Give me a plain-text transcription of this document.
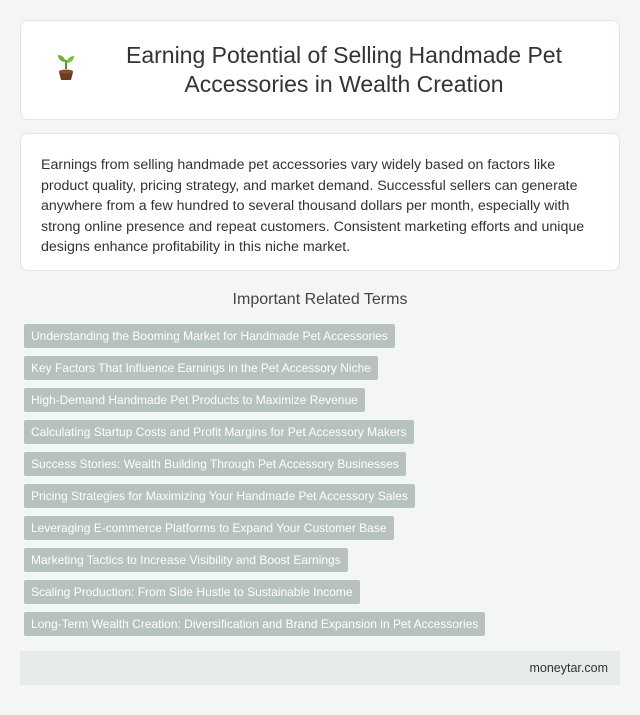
Earning Potential of Selling Handmade Pet Accessories in Wealth Creation

Earnings from selling handmade pet accessories vary widely based on factors like product quality, pricing strategy, and market demand. Successful sellers can generate anywhere from a few hundred to several thousand dollars per month, especially with strong online presence and repeat customers. Consistent marketing efforts and unique designs enhance profitability in this niche market.

Important Related Terms
Understanding the Booming Market for Handmade Pet Accessories
Key Factors That Influence Earnings in the Pet Accessory Niche
High-Demand Handmade Pet Products to Maximize Revenue
Calculating Startup Costs and Profit Margins for Pet Accessory Makers
Success Stories: Wealth Building Through Pet Accessory Businesses
Pricing Strategies for Maximizing Your Handmade Pet Accessory Sales
Leveraging E-commerce Platforms to Expand Your Customer Base
Marketing Tactics to Increase Visibility and Boost Earnings
Scaling Production: From Side Hustle to Sustainable Income
Long-Term Wealth Creation: Diversification and Brand Expansion in Pet Accessories
moneytar.com
